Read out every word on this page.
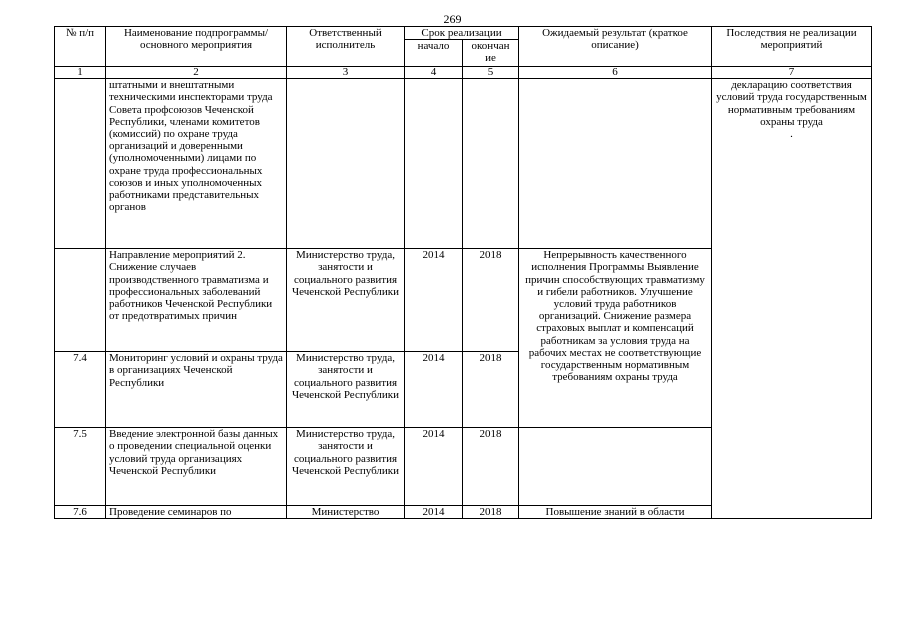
269
№ п/п	Наименование подпрограммы/ основного мероприятия	Ответственный исполнитель	Срок реализации		Ожидаемый результат (краткое описание)	Последствия не реализации мероприятий
			начало	окончан ие		
1	2	3	4	5	6	7
	штатными и внештатными техническими инспекторами труда Совета профсоюзов Чеченской Республики, членами комитетов (комиссий) по охране труда организаций и доверенными (уполномоченными) лицами по охране труда профессиональных союзов и иных уполномоченных работниками представительных органов					декларацию соответствия условий труда государственным нормативным требованиям охраны труда
.

	Направление мероприятий 2. Снижение случаев производственного травматизма и профессиональных заболеваний работников Чеченской Республики от предотвратимых причин	Министерство труда, занятости и социального развития Чеченской Республики	2014	2018	Непрерывность качественного исполнения Программы Выявление причин способствующих травматизму и гибели работников. Улучшение условий труда работников организаций. Снижение размера страховых выплат и компенсаций работникам за условия труда на рабочих местах не соответствующие государственным нормативным требованиям охраны труда	
7.4	Мониторинг условий и охраны труда в организациях Чеченской Республики	Министерство труда, занятости и социального развития Чеченской Республики	2014	2018		
7.5	Введение электронной базы данных о проведении специальной оценки условий труда организациях Чеченской Республики	Министерство труда, занятости и социального развития Чеченской Республики	2014	2018		
7.6	Проведение семинаров по	Министерство	2014	2018	Повышение знаний в области	
